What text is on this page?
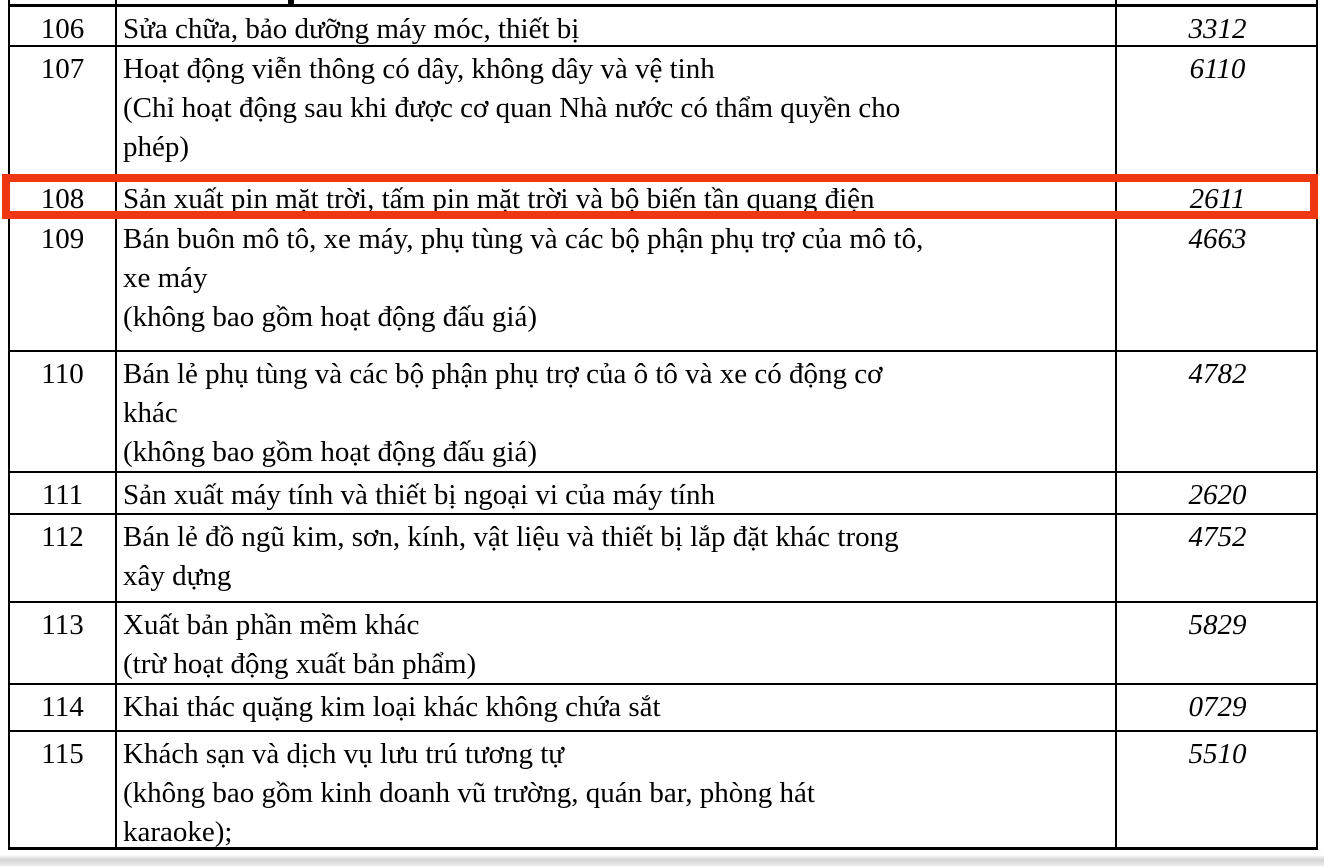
106	Sửa chữa, bảo dưỡng máy móc, thiết bị	3312
107	Hoạt động viễn thông có dây, không dây và vệ tinh
(Chỉ hoạt động sau khi được cơ quan Nhà nước có thẩm quyền cho
phép)
6110
108	Sản xuất pin mặt trời, tấm pin mặt trời và bộ biến tần quang điện	2611
109	Bán buôn mô tô, xe máy, phụ tùng và các bộ phận phụ trợ của mô tô,
xe máy
(không bao gồm hoạt động đấu giá)
4663
110	Bán lẻ phụ tùng và các bộ phận phụ trợ của ô tô và xe có động cơ
khác
(không bao gồm hoạt động đấu giá)
4782
111	Sản xuất máy tính và thiết bị ngoại vi của máy tính	2620
112	Bán lẻ đồ ngũ kim, sơn, kính, vật liệu và thiết bị lắp đặt khác trong
xây dựng
4752
113	Xuất bản phần mềm khác
(trừ hoạt động xuất bản phẩm)
5829
114	Khai thác quặng kim loại khác không chứa sắt	0729
115	Khách sạn và dịch vụ lưu trú tương tự
(không bao gồm kinh doanh vũ trường, quán bar, phòng hát
karaoke);
5510
